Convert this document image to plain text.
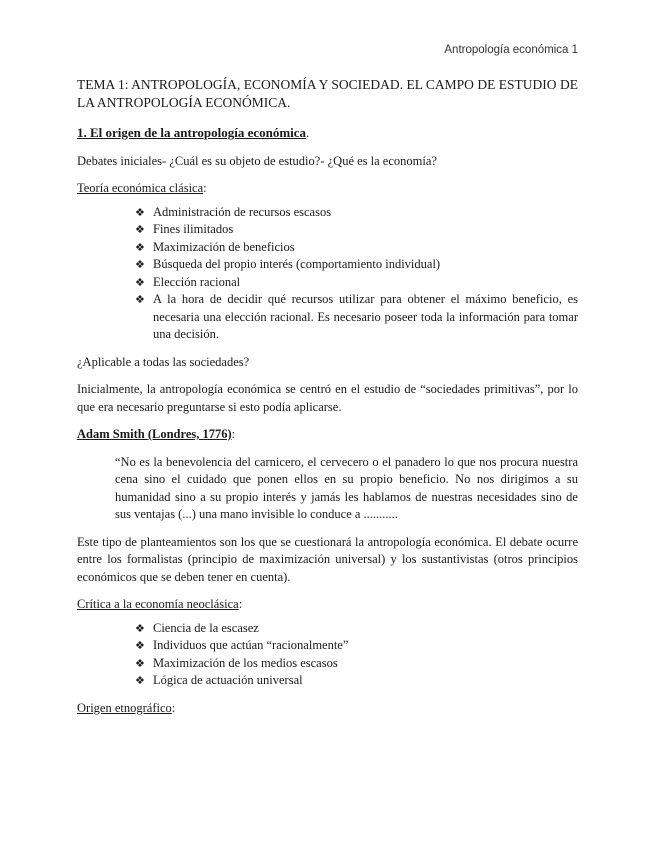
Antropología económica 1

TEMA 1: ANTROPOLOGÍA, ECONOMÍA Y SOCIEDAD. EL CAMPO DE ESTUDIO DE LA ANTROPOLOGÍA ECONÓMICA.

1. El origen de la antropología económica.

Debates iniciales- ¿Cuál es su objeto de estudio?- ¿Qué es la economía?

Teoría económica clásica:

❖ Administración de recursos escasos
❖ Fines ilimitados
❖ Maximización de beneficios
❖ Búsqueda del propio interés (comportamiento individual)
❖ Elección racional
❖ A la hora de decidir qué recursos utilizar para obtener el máximo beneficio, es necesaria una elección racional. Es necesario poseer toda la información para tomar una decisión.

¿Aplicable a todas las sociedades?

Inicialmente, la antropología económica se centró en el estudio de “sociedades primitivas”, por lo que era necesario preguntarse si esto podía aplicarse.

Adam Smith (Londres, 1776):

“No es la benevolencia del carnicero, el cervecero o el panadero lo que nos procura nuestra cena sino el cuidado que ponen ellos en su propio beneficio. No nos dirigimos a su humanidad sino a su propio interés y jamás les hablamos de nuestras necesidades sino de sus ventajas (...) una mano invisible lo conduce a ...........

Este tipo de planteamientos son los que se cuestionará la antropología económica. El debate ocurre entre los formalistas (principio de maximización universal) y los sustantivistas (otros principios económicos que se deben tener en cuenta).

Crítica a la economía neoclásica:

❖ Ciencia de la escasez
❖ Individuos que actúan “racionalmente”
❖ Maximización de los medios escasos
❖ Lógica de actuación universal

Origen etnográfico:
